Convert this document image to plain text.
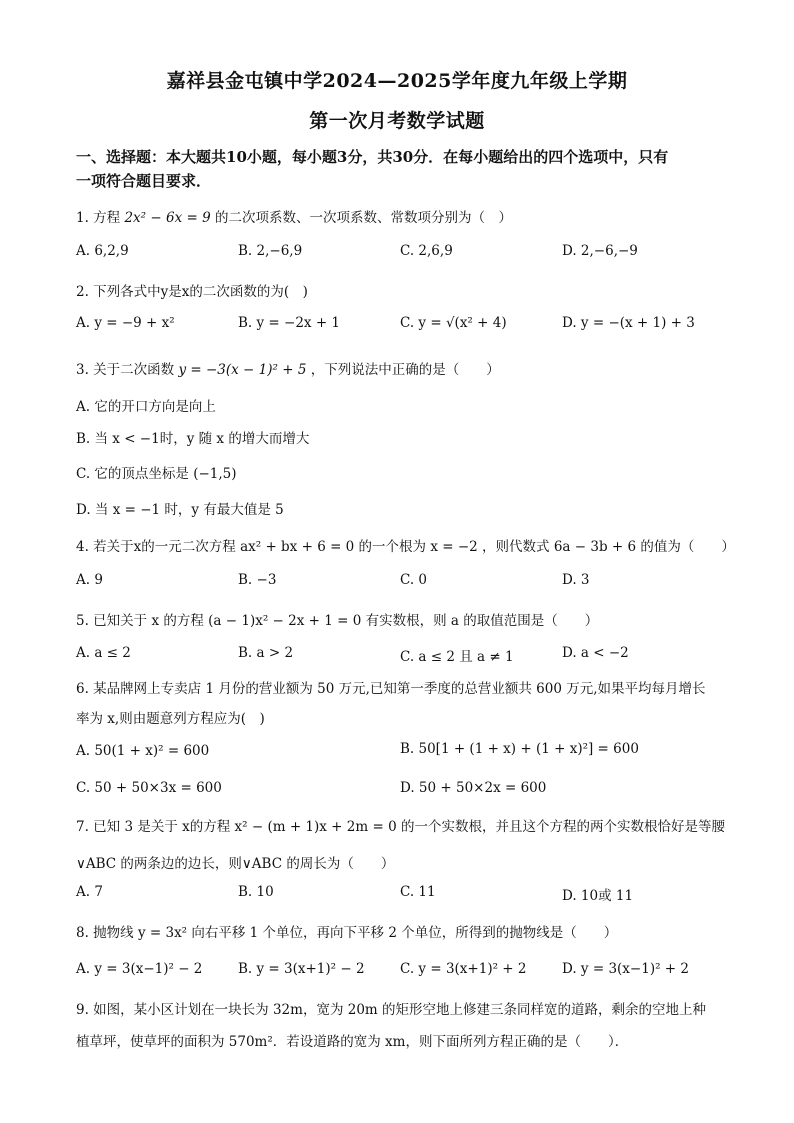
嘉祥县金屯镇中学2024—2025学年度九年级上学期
第一次月考数学试题
一、选择题：本大题共10小题，每小题3分，共30分．在每小题给出的四个选项中，只有
一项符合题目要求．
1. 方程 2x² − 6x = 9 的二次项系数、一次项系数、常数项分别为（　）
A. 6,2,9	B. 2,−6,9	C. 2,6,9	D. 2,−6,−9
2. 下列各式中y是x的二次函数的为(　)
A. y = −9 + x²	B. y = −2x + 1	C. y = √(x² + 4)	D. y = −(x + 1) + 3
3. 关于二次函数 y = −3(x − 1)² + 5 ，下列说法中正确的是（　　）
A. 它的开口方向是向上
B. 当 x < −1时，y 随 x 的增大而增大
C. 它的顶点坐标是 (−1,5)
D. 当 x = −1 时，y 有最大值是 5
4. 若关于x的一元二次方程 ax² + bx + 6 = 0 的一个根为 x = −2 ，则代数式 6a − 3b + 6 的值为（　　）
A. 9	B. −3	C. 0	D. 3
5. 已知关于 x 的方程 (a − 1)x² − 2x + 1 = 0 有实数根，则 a 的取值范围是（　　）
A. a ≤ 2	B. a > 2	C. a ≤ 2 且 a ≠ 1	D. a < −2
6. 某品牌网上专卖店 1 月份的营业额为 50 万元,已知第一季度的总营业额共 600 万元,如果平均每月增长
率为 x,则由题意列方程应为(　)
A. 50(1 + x)² = 600	B. 50[1 + (1 + x) + (1 + x)²] = 600
C. 50 + 50×3x = 600	D. 50 + 50×2x = 600
7. 已知 3 是关于 x的方程 x² − (m + 1)x + 2m = 0 的一个实数根，并且这个方程的两个实数根恰好是等腰
∨ABC 的两条边的边长，则∨ABC 的周长为（　　）
A. 7	B. 10	C. 11	D. 10或 11
8. 抛物线 y = 3x² 向右平移 1 个单位，再向下平移 2 个单位，所得到的抛物线是（　　）
A. y = 3(x−1)² − 2	B. y = 3(x+1)² − 2	C. y = 3(x+1)² + 2	D. y = 3(x−1)² + 2
9. 如图，某小区计划在一块长为 32m，宽为 20m 的矩形空地上修建三条同样宽的道路，剩余的空地上种
植草坪，使草坪的面积为 570m²．若设道路的宽为 xm，则下面所列方程正确的是（　　）．
